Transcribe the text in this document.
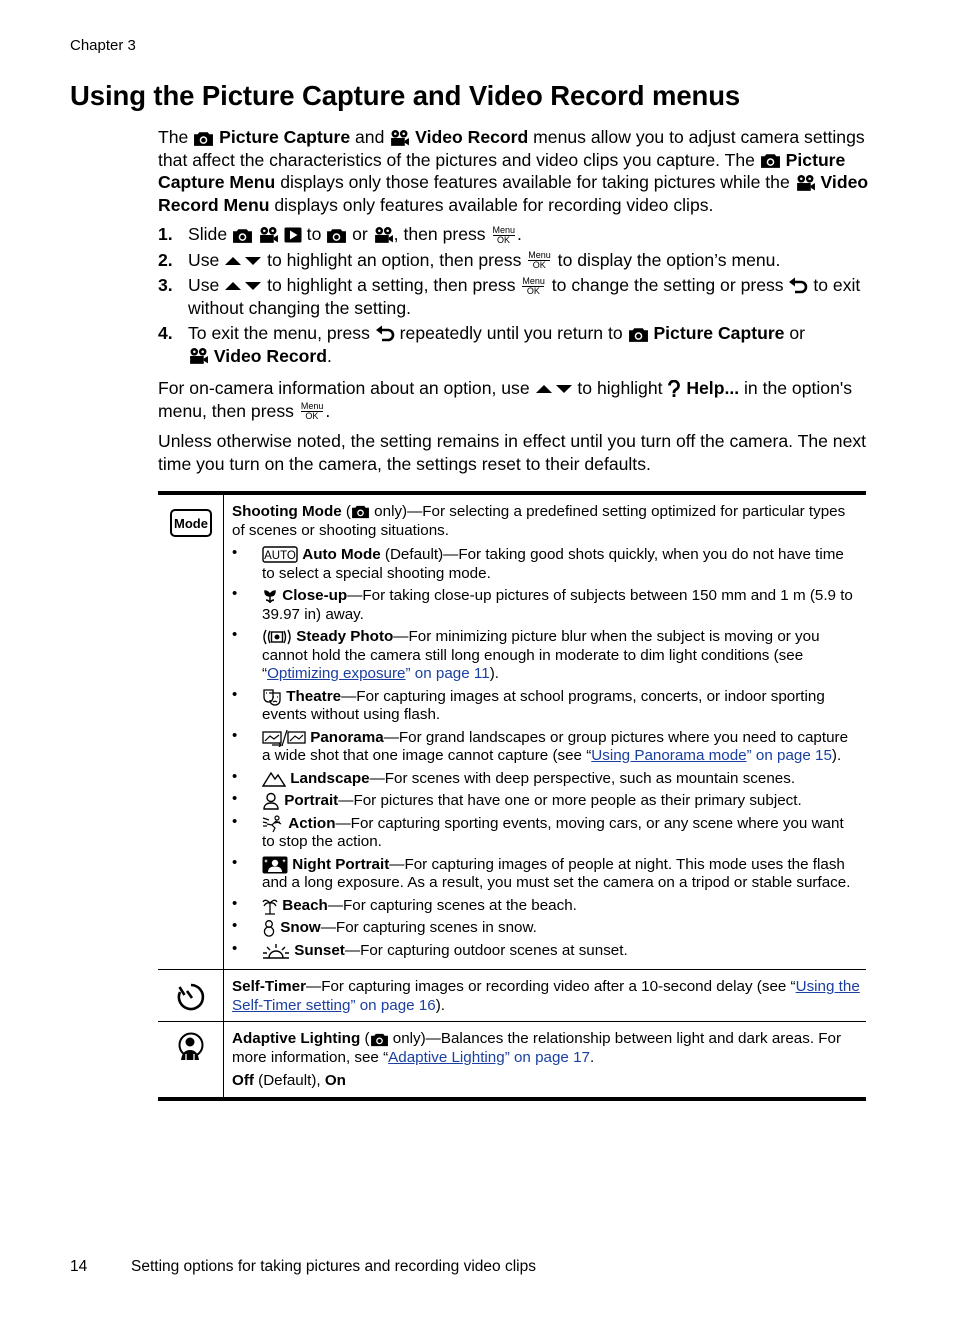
Chapter 3
Using the Picture Capture and Video Record menus
The
Picture Capture and
Video Record menus allow you to adjust camera settings that affect the characteristics of the pictures and video clips you capture. The
Picture Capture Menu displays only those features available for taking pictures while the
Video Record Menu displays only features available for recording video clips.
1. Slide

	to
or
, then press Menu
OK .
2. Use
to highlight an option, then press Menu
OK to display the option’s menu.
3. Use
to highlight a setting, then press Menu
OK to change the setting or press
to exit without changing the setting.
4. To exit the menu, press
repeatedly until you return to
Picture Capture or

Video Record.
For on-camera information about an option, use
to highlight
Help... in the option's menu, then press Menu
OK .
Unless otherwise noted, the setting remains in effect until you turn off the camera. The next time you turn on the camera, the settings reset to their defaults.
Mode
Shooting Mode (
only)—For selecting a predefined setting optimized for particular types of scenes or shooting situations.
• AUTO Auto Mode (Default)—For taking good shots quickly, when you do not have time to select a special shooting mode.
• Close-up—For taking close-up pictures of subjects between 150 mm and 1 m (5.9 to 39.97 in) away.
• Steady Photo—For minimizing picture blur when the subject is moving or you cannot hold the camera still long enough in moderate to dim light conditions (see “Optimizing exposure” on page 11).
• Theatre—For capturing images at school programs, concerts, or indoor sporting events without using flash.
• Panorama—For grand landscapes or group pictures where you need to capture a wide shot that one image cannot capture (see “Using Panorama mode” on page 15).
• Landscape—For scenes with deep perspective, such as mountain scenes.
• Portrait—For pictures that have one or more people as their primary subject.
• Action—For capturing sporting events, moving cars, or any scene where you want to stop the action.
• Night Portrait—For capturing images of people at night. This mode uses the flash and a long exposure. As a result, you must set the camera on a tripod or stable surface.
• Beach—For capturing scenes at the beach.
• Snow—For capturing scenes in snow.
• Sunset—For capturing outdoor scenes at sunset.
Self-Timer—For capturing images or recording video after a 10-second delay (see “Using the Self-Timer setting” on page 16).
Adaptive Lighting (
only)—Balances the relationship between light and dark areas. For more information, see “Adaptive Lighting” on page 17.
Off (Default), On
14	Setting options for taking pictures and recording video clips
